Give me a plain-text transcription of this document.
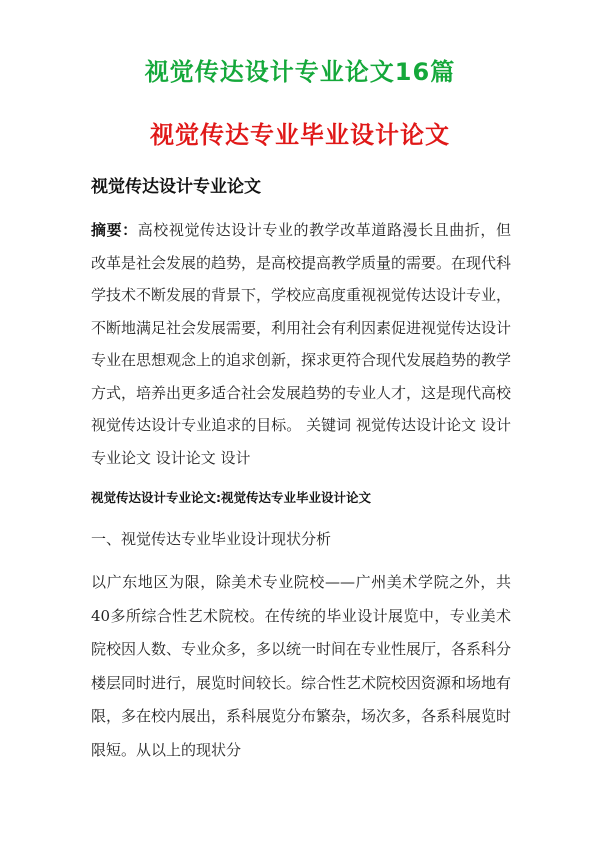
视觉传达设计专业论文16篇
视觉传达专业毕业设计论文
视觉传达设计专业论文
摘要：高校视觉传达设计专业的教学改革道路漫长且曲折，但改革是社会发展的趋势，是高校提高教学质量的需要。在现代科学技术不断发展的背景下，学校应高度重视视觉传达设计专业，不断地满足社会发展需要，利用社会有利因素促进视觉传达设计专业在思想观念上的追求创新，探求更符合现代发展趋势的教学方式，培养出更多适合社会发展趋势的专业人才，这是现代高校视觉传达设计专业追求的目标。 关键词 视觉传达设计论文 设计专业论文 设计论文 设计
视觉传达设计专业论文:视觉传达专业毕业设计论文
一、视觉传达专业毕业设计现状分析
以广东地区为限，除美术专业院校——广州美术学院之外，共40多所综合性艺术院校。在传统的毕业设计展览中，专业美术院校因人数、专业众多，多以统一时间在专业性展厅，各系科分楼层同时进行，展览时间较长。综合性艺术院校因资源和场地有限，多在校内展出，系科展览分布繁杂，场次多，各系科展览时限短。从以上的现状分
